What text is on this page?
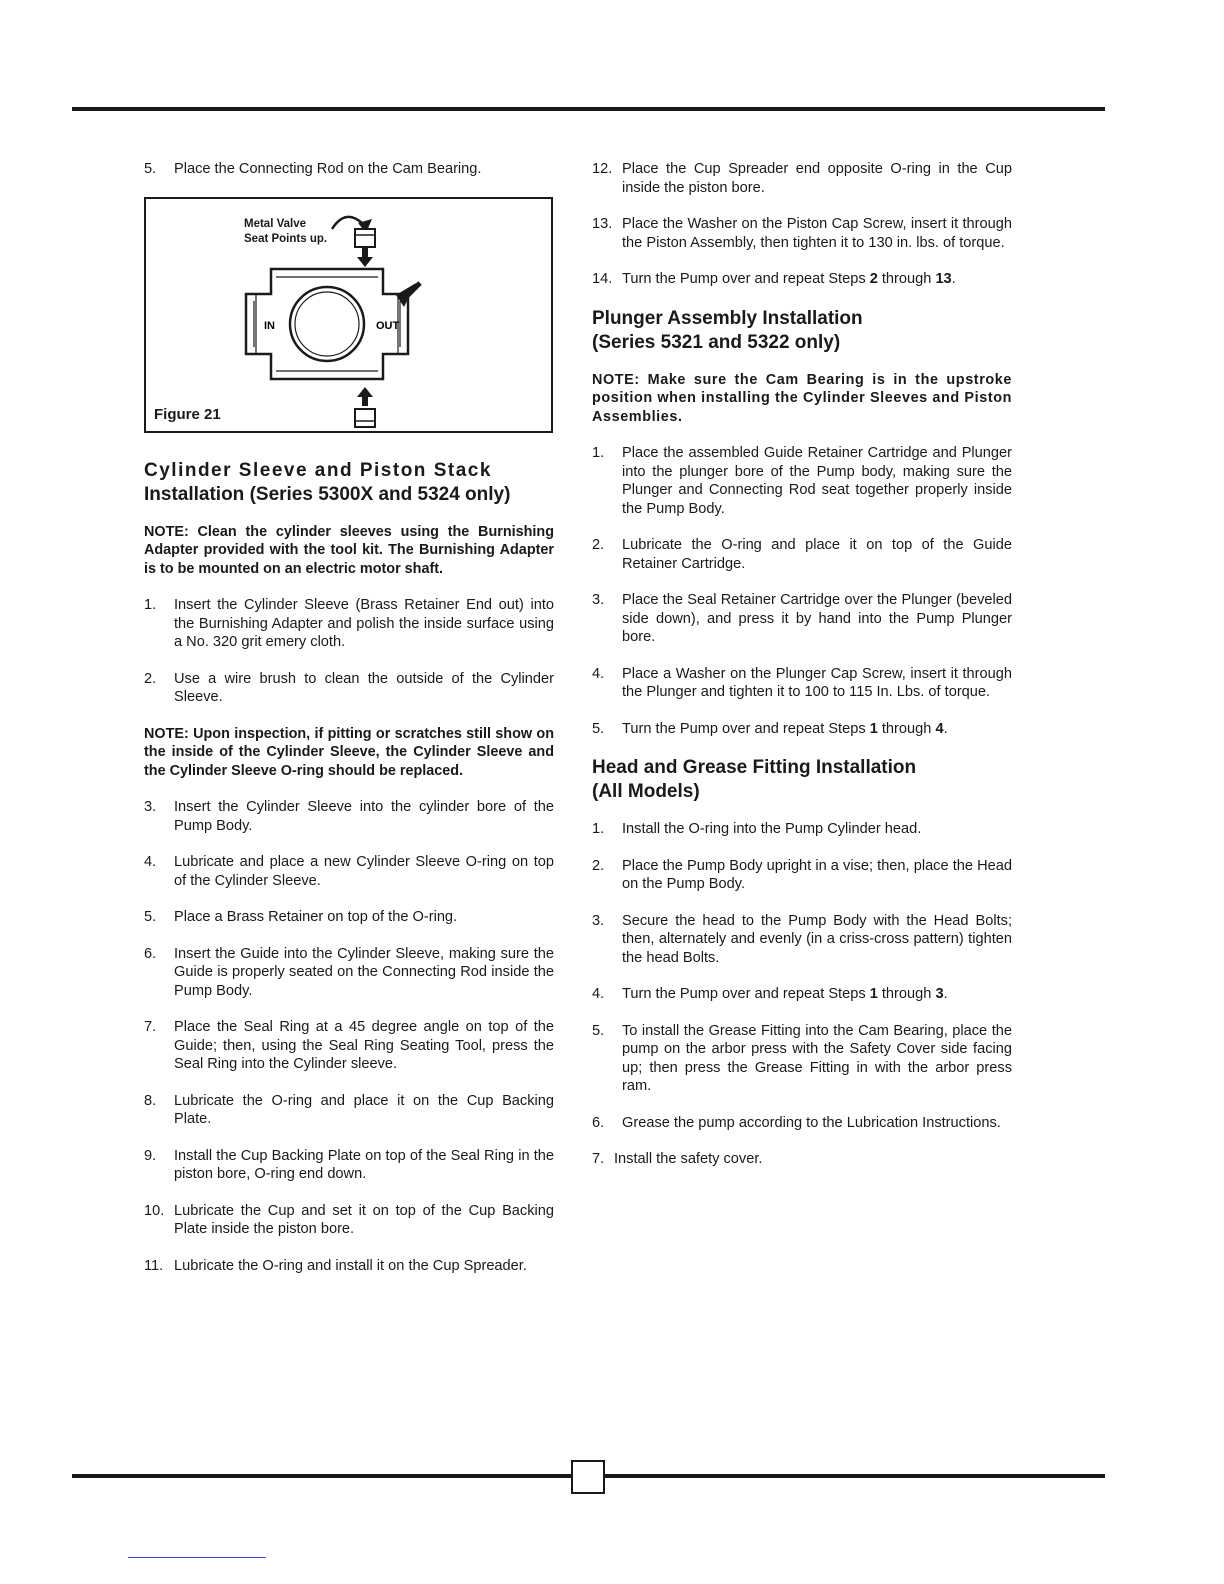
5. Place the Connecting Rod on the Cam Bearing.
IN	OUT
Metal Valve
Seat Points up.
Figure 21
Cylinder Sleeve and Piston Stack
Installation (Series 5300X and 5324 only)
NOTE: Clean the cylinder sleeves using the Burnishing Adapter provided with the tool kit. The Burnishing Adapter is to be mounted on an electric motor shaft.
1. Insert the Cylinder Sleeve (Brass Retainer End out) into the Burnishing Adapter and polish the inside surface using a No. 320 grit emery cloth.
2. Use a wire brush to clean the outside of the Cylinder Sleeve.
NOTE: Upon inspection, if pitting or scratches still show on the inside of the Cylinder Sleeve, the Cylinder Sleeve and the Cylinder Sleeve O-ring should be replaced.
3. Insert the Cylinder Sleeve into the cylinder bore of the Pump Body.
4. Lubricate and place a new Cylinder Sleeve O-ring on top of the Cylinder Sleeve.
5. Place a Brass Retainer on top of the O-ring.
6. Insert the Guide into the Cylinder Sleeve, making sure the Guide is properly seated on the Connecting Rod inside the Pump Body.
7. Place the Seal Ring at a 45 degree angle on top of the Guide; then, using the Seal Ring Seating Tool, press the Seal Ring into the Cylinder sleeve.
8. Lubricate the O-ring and place it on the Cup Backing Plate.
9. Install the Cup Backing Plate on top of the Seal Ring in the piston bore, O-ring end down.
10. Lubricate the Cup and set it on top of the Cup Backing Plate inside the piston bore.
11. Lubricate the O-ring and install it on the Cup Spreader.
12. Place the Cup Spreader end opposite O-ring in the Cup inside the piston bore.
13. Place the Washer on the Piston Cap Screw, insert it through the Piston Assembly, then tighten it to 130 in. lbs. of torque.
14. Turn the Pump over and repeat Steps 2 through 13.
Plunger Assembly Installation
(Series 5321 and 5322 only)
NOTE: Make sure the Cam Bearing is in the upstroke position when installing the Cylinder Sleeves and Piston Assemblies.
1. Place the assembled Guide Retainer Cartridge and Plunger into the plunger bore of the Pump body, making sure the Plunger and Connecting Rod seat together properly inside the Pump Body.
2. Lubricate the O-ring and place it on top of the Guide Retainer Cartridge.
3. Place the Seal Retainer Cartridge over the Plunger (beveled side down), and press it by hand into the Pump Plunger bore.
4. Place a Washer on the Plunger Cap Screw, insert it through the Plunger and tighten it to 100 to 115 In. Lbs. of torque.
5. Turn the Pump over and repeat Steps 1 through 4.
Head and Grease Fitting Installation
(All Models)
1. Install the O-ring into the Pump Cylinder head.
2. Place the Pump Body upright in a vise; then, place the Head on the Pump Body.
3. Secure the head to the Pump Body with the Head Bolts; then, alternately and evenly (in a criss-cross pattern) tighten the head Bolts.
4. Turn the Pump over and repeat Steps 1 through 3.
5. To install the Grease Fitting into the Cam Bearing, place the pump on the arbor press with the Safety Cover side facing up; then press the Grease Fitting in with the arbor press ram.
6. Grease the pump according to the Lubrication Instructions.
7. Install the safety cover.
